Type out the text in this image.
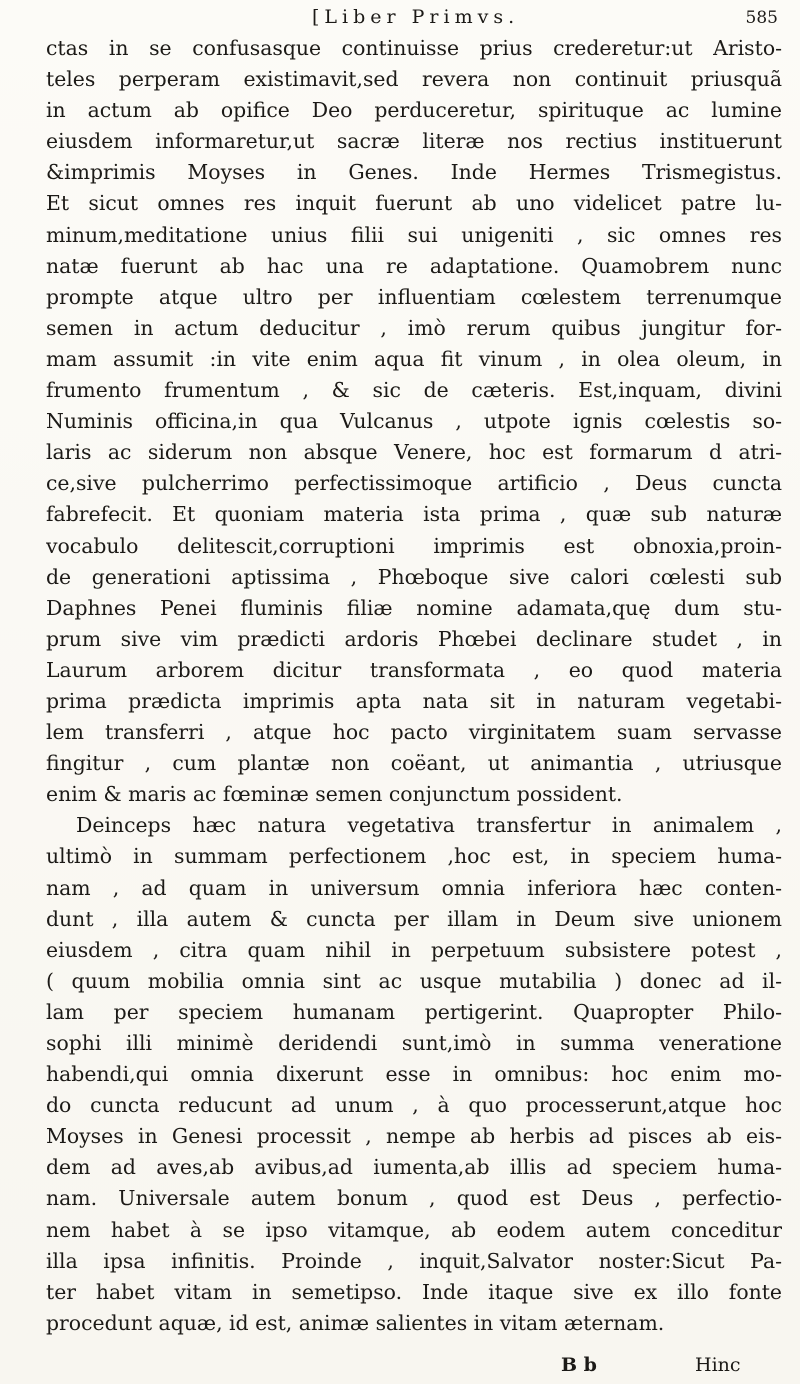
[Liber Primvs.	585
ctas in se confusasque continuisse prius crederetur:ut Aristo-
teles perperam existimavit,sed revera non continuit priusquã
in actum ab opifice Deo perduceretur, spirituque ac lumine
eiusdem informaretur,ut sacræ literæ nos rectius instituerunt
&imprimis Moyses in Genes. Inde Hermes Trismegistus.
Et sicut omnes res inquit fuerunt ab uno videlicet patre lu-
minum,meditatione unius filii sui unigeniti , sic omnes res
natæ fuerunt ab hac una re adaptatione. Quamobrem nunc
prompte atque ultro per influentiam cœlestem terrenumque
semen in actum deducitur , imò rerum quibus jungitur for-
mam assumit :in vite enim aqua fit vinum , in olea oleum, in
frumento frumentum , & sic de cæteris. Est,inquam, divini
Numinis officina,in qua Vulcanus , utpote ignis cœlestis so-
laris ac siderum non absque Venere, hoc est formarum d atri-
ce,sive pulcherrimo perfectissimoque artificio , Deus cuncta
fabrefecit. Et quoniam materia ista prima , quæ sub naturæ
vocabulo delitescit,corruptioni imprimis est obnoxia,proin-
de generationi aptissima , Phœboque sive calori cœlesti sub
Daphnes Penei fluminis filiæ nomine adamata,quę dum stu-
prum sive vim prædicti ardoris Phœbei declinare studet , in
Laurum arborem dicitur transformata , eo quod materia
prima prædicta imprimis apta nata sit in naturam vegetabi-
lem transferri , atque hoc pacto virginitatem suam servasse
fingitur , cum plantæ non coëant, ut animantia , utriusque
enim & maris ac fœminæ semen conjunctum possident.
Deinceps hæc natura vegetativa transfertur in animalem ,
ultimò in summam perfectionem ,hoc est, in speciem huma-
nam , ad quam in universum omnia inferiora hæc conten-
dunt , illa autem & cuncta per illam in Deum sive unionem
eiusdem , citra quam nihil in perpetuum subsistere potest ,
( quum mobilia omnia sint ac usque mutabilia ) donec ad il-
lam per speciem humanam pertigerint. Quapropter Philo-
sophi illi minimè deridendi sunt,imò in summa veneratione
habendi,qui omnia dixerunt esse in omnibus: hoc enim mo-
do cuncta reducunt ad unum , à quo processerunt,atque hoc
Moyses in Genesi processit , nempe ab herbis ad pisces ab eis-
dem ad aves,ab avibus,ad iumenta,ab illis ad speciem huma-
nam. Universale autem bonum , quod est Deus , perfectio-
nem habet à se ipso vitamque, ab eodem autem conceditur
illa ipsa infinitis. Proinde , inquit,Salvator noster:Sicut Pa-
ter habet vitam in semetipso. Inde itaque sive ex illo fonte
procedunt aquæ, id est, animæ salientes in vitam æternam.
B b	Hinc
